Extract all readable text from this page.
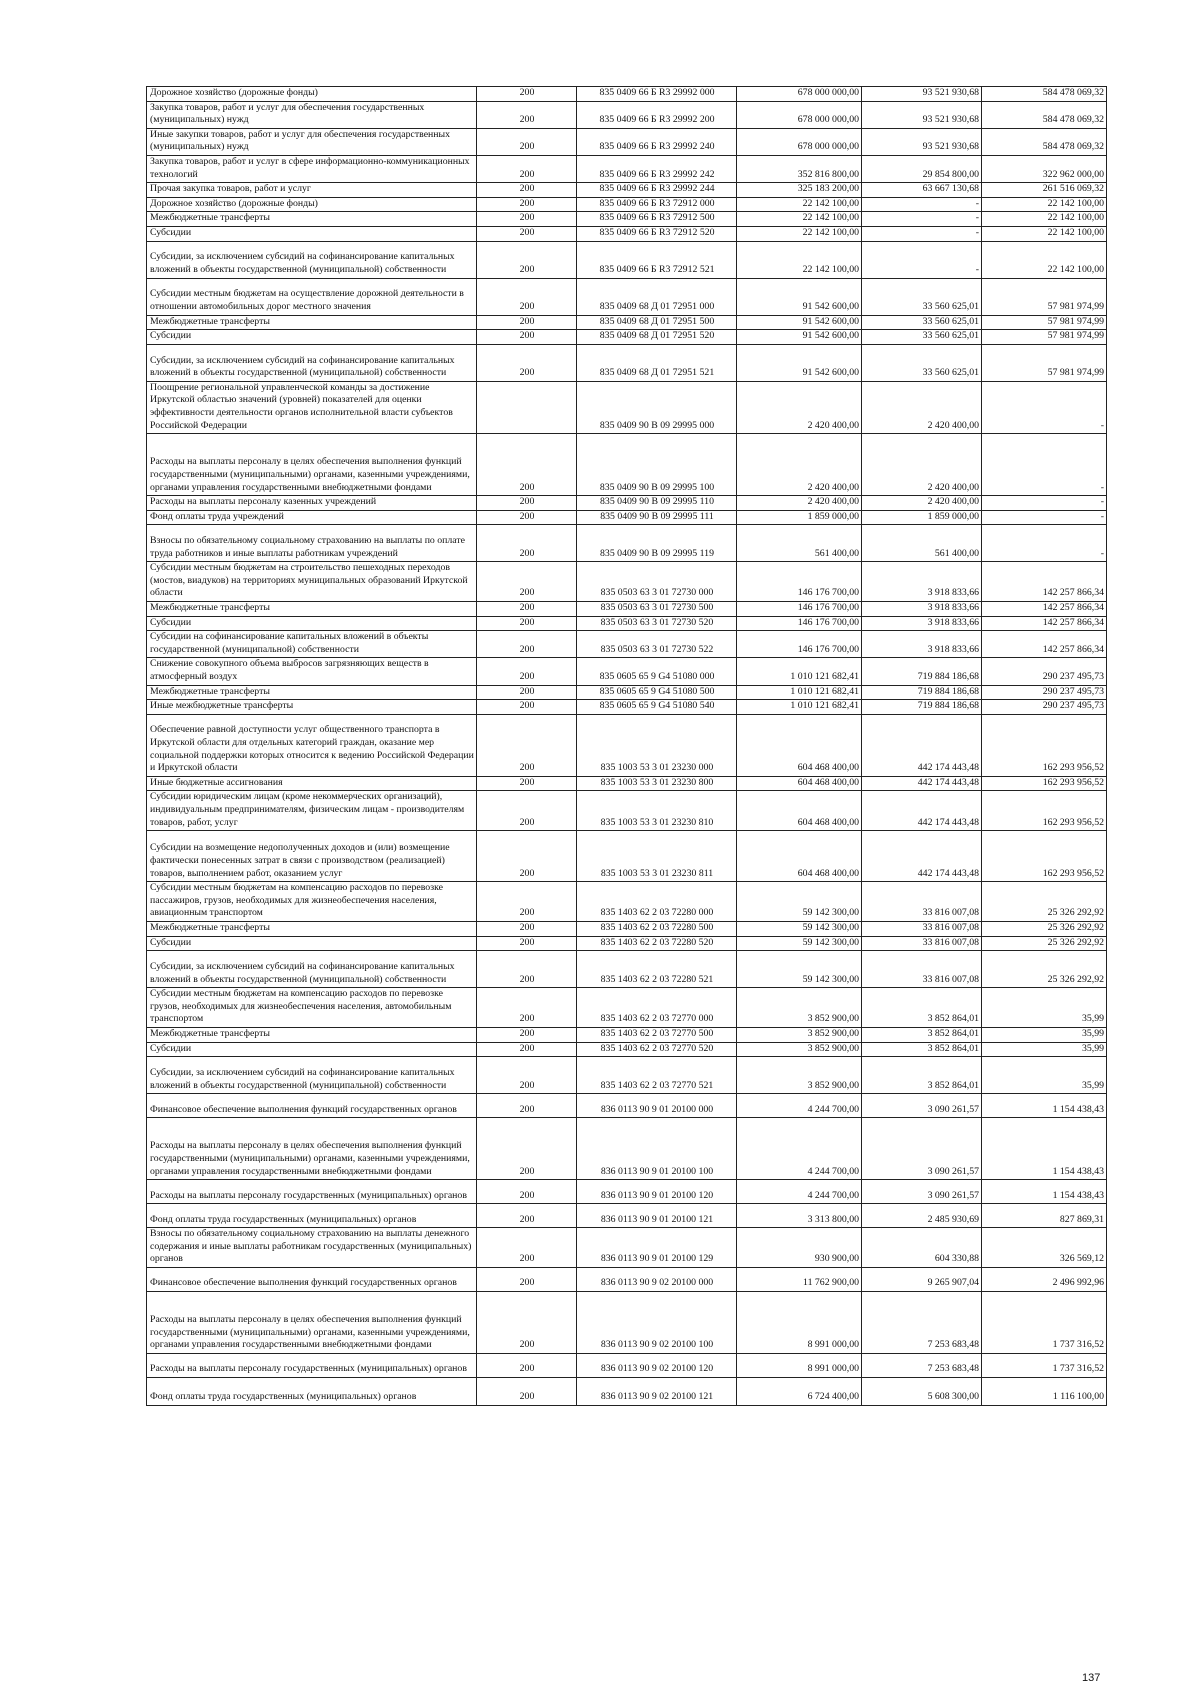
Дорожное хозяйство (дорожные фонды)	200	835 0409 66 Б R3 29992 000	678 000 000,00	93 521 930,68	584 478 069,32
Закупка товаров, работ и услуг для обеспечения государственных (муниципальных) нужд	200	835 0409 66 Б R3 29992 200	678 000 000,00	93 521 930,68	584 478 069,32
Иные закупки товаров, работ и услуг для обеспечения государственных (муниципальных) нужд	200	835 0409 66 Б R3 29992 240	678 000 000,00	93 521 930,68	584 478 069,32
Закупка товаров, работ и услуг в сфере информационно-коммуникационных технологий	200	835 0409 66 Б R3 29992 242	352 816 800,00	29 854 800,00	322 962 000,00
Прочая закупка товаров, работ и услуг	200	835 0409 66 Б R3 29992 244	325 183 200,00	63 667 130,68	261 516 069,32
Дорожное хозяйство (дорожные фонды)	200	835 0409 66 Б R3 72912 000	22 142 100,00	-	22 142 100,00
Межбюджетные трансферты	200	835 0409 66 Б R3 72912 500	22 142 100,00	-	22 142 100,00
Субсидии	200	835 0409 66 Б R3 72912 520	22 142 100,00	-	22 142 100,00
Субсидии, за исключением субсидий на софинансирование капитальных вложений в объекты государственной (муниципальной) собственности	200	835 0409 66 Б R3 72912 521	22 142 100,00	-	22 142 100,00
Субсидии местным бюджетам на осуществление дорожной деятельности в отношении автомобильных дорог местного значения	200	835 0409 68 Д 01 72951 000	91 542 600,00	33 560 625,01	57 981 974,99
Межбюджетные трансферты	200	835 0409 68 Д 01 72951 500	91 542 600,00	33 560 625,01	57 981 974,99
Субсидии	200	835 0409 68 Д 01 72951 520	91 542 600,00	33 560 625,01	57 981 974,99
Субсидии, за исключением субсидий на софинансирование капитальных вложений в объекты государственной (муниципальной) собственности	200	835 0409 68 Д 01 72951 521	91 542 600,00	33 560 625,01	57 981 974,99
Поощрение региональной управленческой команды за достижение Иркутской областью значений (уровней) показателей для оценки эффективности деятельности органов исполнительной власти субъектов Российской Федерации		835 0409 90 В 09 29995 000	2 420 400,00	2 420 400,00	-
Расходы на выплаты персоналу в целях обеспечения выполнения функций государственными (муниципальными) органами, казенными учреждениями, органами управления государственными внебюджетными фондами	200	835 0409 90 В 09 29995 100	2 420 400,00	2 420 400,00	-
Расходы на выплаты персоналу казенных учреждений	200	835 0409 90 В 09 29995 110	2 420 400,00	2 420 400,00	-
Фонд оплаты труда учреждений	200	835 0409 90 В 09 29995 111	1 859 000,00	1 859 000,00	-
Взносы по обязательному социальному страхованию на выплаты по оплате труда работников и иные выплаты работникам учреждений	200	835 0409 90 В 09 29995 119	561 400,00	561 400,00	-
Субсидии местным бюджетам на строительство пешеходных переходов (мостов, виадуков) на территориях муниципальных образований Иркутской области	200	835 0503 63 3 01 72730 000	146 176 700,00	3 918 833,66	142 257 866,34
Межбюджетные трансферты	200	835 0503 63 3 01 72730 500	146 176 700,00	3 918 833,66	142 257 866,34
Субсидии	200	835 0503 63 3 01 72730 520	146 176 700,00	3 918 833,66	142 257 866,34
Субсидии на софинансирование капитальных вложений в объекты государственной (муниципальной) собственности	200	835 0503 63 3 01 72730 522	146 176 700,00	3 918 833,66	142 257 866,34
Снижение совокупного объема выбросов загрязняющих веществ в атмосферный воздух	200	835 0605 65 9 G4 51080 000	1 010 121 682,41	719 884 186,68	290 237 495,73
Межбюджетные трансферты	200	835 0605 65 9 G4 51080 500	1 010 121 682,41	719 884 186,68	290 237 495,73
Иные межбюджетные трансферты	200	835 0605 65 9 G4 51080 540	1 010 121 682,41	719 884 186,68	290 237 495,73
Обеспечение равной доступности услуг общественного транспорта в Иркутской области для отдельных категорий граждан, оказание мер социальной поддержки которых относится к ведению Российской Федерации и Иркутской области	200	835 1003 53 3 01 23230 000	604 468 400,00	442 174 443,48	162 293 956,52
Иные бюджетные ассигнования	200	835 1003 53 3 01 23230 800	604 468 400,00	442 174 443,48	162 293 956,52
Субсидии юридическим лицам (кроме некоммерческих организаций), индивидуальным предпринимателям, физическим лицам - производителям товаров, работ, услуг	200	835 1003 53 3 01 23230 810	604 468 400,00	442 174 443,48	162 293 956,52
Субсидии на возмещение недополученных доходов и (или) возмещение фактически понесенных затрат в связи с производством (реализацией) товаров, выполнением работ, оказанием услуг	200	835 1003 53 3 01 23230 811	604 468 400,00	442 174 443,48	162 293 956,52
Субсидии местным бюджетам на компенсацию расходов по перевозке пассажиров, грузов, необходимых для жизнеобеспечения населения, авиационным транспортом	200	835 1403 62 2 03 72280 000	59 142 300,00	33 816 007,08	25 326 292,92
Межбюджетные трансферты	200	835 1403 62 2 03 72280 500	59 142 300,00	33 816 007,08	25 326 292,92
Субсидии	200	835 1403 62 2 03 72280 520	59 142 300,00	33 816 007,08	25 326 292,92
Субсидии, за исключением субсидий на софинансирование капитальных вложений в объекты государственной (муниципальной) собственности	200	835 1403 62 2 03 72280 521	59 142 300,00	33 816 007,08	25 326 292,92
Субсидии местным бюджетам на компенсацию расходов по перевозке грузов, необходимых для жизнеобеспечения населения, автомобильным транспортом	200	835 1403 62 2 03 72770 000	3 852 900,00	3 852 864,01	35,99
Межбюджетные трансферты	200	835 1403 62 2 03 72770 500	3 852 900,00	3 852 864,01	35,99
Субсидии	200	835 1403 62 2 03 72770 520	3 852 900,00	3 852 864,01	35,99
Субсидии, за исключением субсидий на софинансирование капитальных вложений в объекты государственной (муниципальной) собственности	200	835 1403 62 2 03 72770 521	3 852 900,00	3 852 864,01	35,99
Финансовое обеспечение выполнения функций государственных органов	200	836 0113 90 9 01 20100 000	4 244 700,00	3 090 261,57	1 154 438,43
Расходы на выплаты персоналу в целях обеспечения выполнения функций государственными (муниципальными) органами, казенными учреждениями, органами управления государственными внебюджетными фондами	200	836 0113 90 9 01 20100 100	4 244 700,00	3 090 261,57	1 154 438,43
Расходы на выплаты персоналу государственных (муниципальных) органов	200	836 0113 90 9 01 20100 120	4 244 700,00	3 090 261,57	1 154 438,43
Фонд оплаты труда государственных (муниципальных) органов	200	836 0113 90 9 01 20100 121	3 313 800,00	2 485 930,69	827 869,31
Взносы по обязательному социальному страхованию на выплаты денежного содержания и иные выплаты работникам государственных (муниципальных) органов	200	836 0113 90 9 01 20100 129	930 900,00	604 330,88	326 569,12
Финансовое обеспечение выполнения функций государственных органов	200	836 0113 90 9 02 20100 000	11 762 900,00	9 265 907,04	2 496 992,96
Расходы на выплаты персоналу в целях обеспечения выполнения функций государственными (муниципальными) органами, казенными учреждениями, органами управления государственными внебюджетными фондами	200	836 0113 90 9 02 20100 100	8 991 000,00	7 253 683,48	1 737 316,52
Расходы на выплаты персоналу государственных (муниципальных) органов	200	836 0113 90 9 02 20100 120	8 991 000,00	7 253 683,48	1 737 316,52
Фонд оплаты труда государственных (муниципальных) органов	200	836 0113 90 9 02 20100 121	6 724 400,00	5 608 300,00	1 116 100,00
137
